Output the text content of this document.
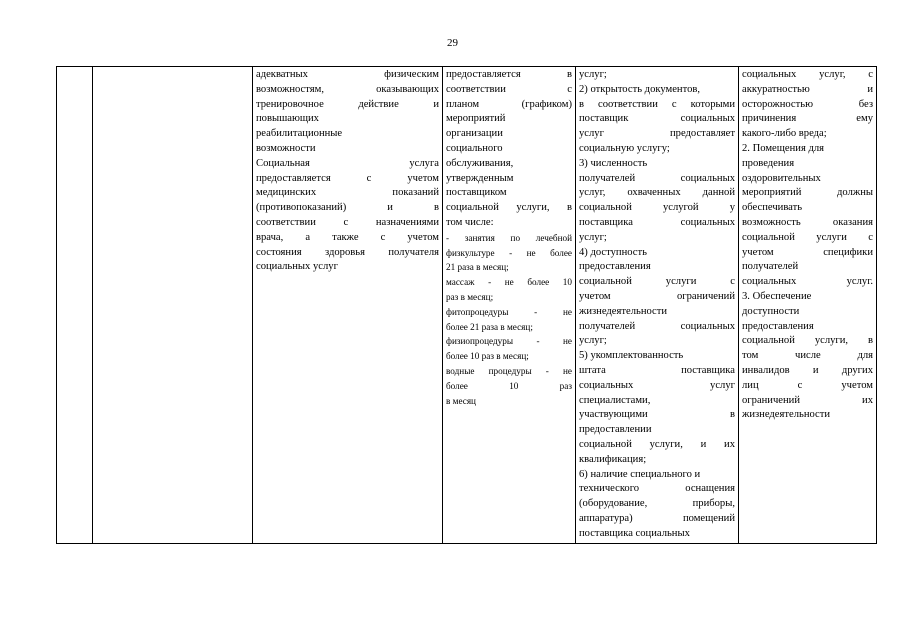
29

адекватных физическим
возможностям, оказывающих
тренировочное действие и
повышающих
реабилитационные
возможности
Социальная услуга
предоставляется с учетом
медицинских показаний
(противопоказаний) и в
соответствии с назначениями
врача, а также с учетом
состояния здоровья получателя
социальных услуг

предоставляется в
соответствии с
планом (графиком)
мероприятий
организации
социального
обслуживания,
утвержденным
поставщиком
социальной услуги, в
том числе:
- занятия по лечебной
физкультуре - не более
21 раза в месяц;
массаж - не более 10
раз в месяц;
фитопроцедуры - не
более 21 раза в месяц;
физиопроцедуры - не
более 10 раз в месяц;
водные процедуры - не
более 10 раз
в месяц

услуг;
2) открытость документов,
в соответствии с которыми
поставщик социальных
услуг предоставляет
социальную услугу;
3) численность
получателей социальных
услуг, охваченных данной
социальной услугой у
поставщика социальных
услуг;
4) доступность
предоставления
социальной услуги с
учетом ограничений
жизнедеятельности
получателей социальных
услуг;
5) укомплектованность
штата поставщика
социальных услуг
специалистами,
участвующими в
предоставлении
социальной услуги, и их
квалификация;
6) наличие специального и
технического оснащения
(оборудование, приборы,
аппаратура) помещений
поставщика социальных

социальных услуг, с
аккуратностью и
осторожностью без
причинения ему
какого-либо вреда;
2. Помещения для
проведения
оздоровительных
мероприятий должны
обеспечивать
возможность оказания
социальной услуги с
учетом специфики
получателей
социальных услуг.
3. Обеспечение
доступности
предоставления
социальной услуги, в
том числе для
инвалидов и других
лиц с учетом
ограничений их
жизнедеятельности
